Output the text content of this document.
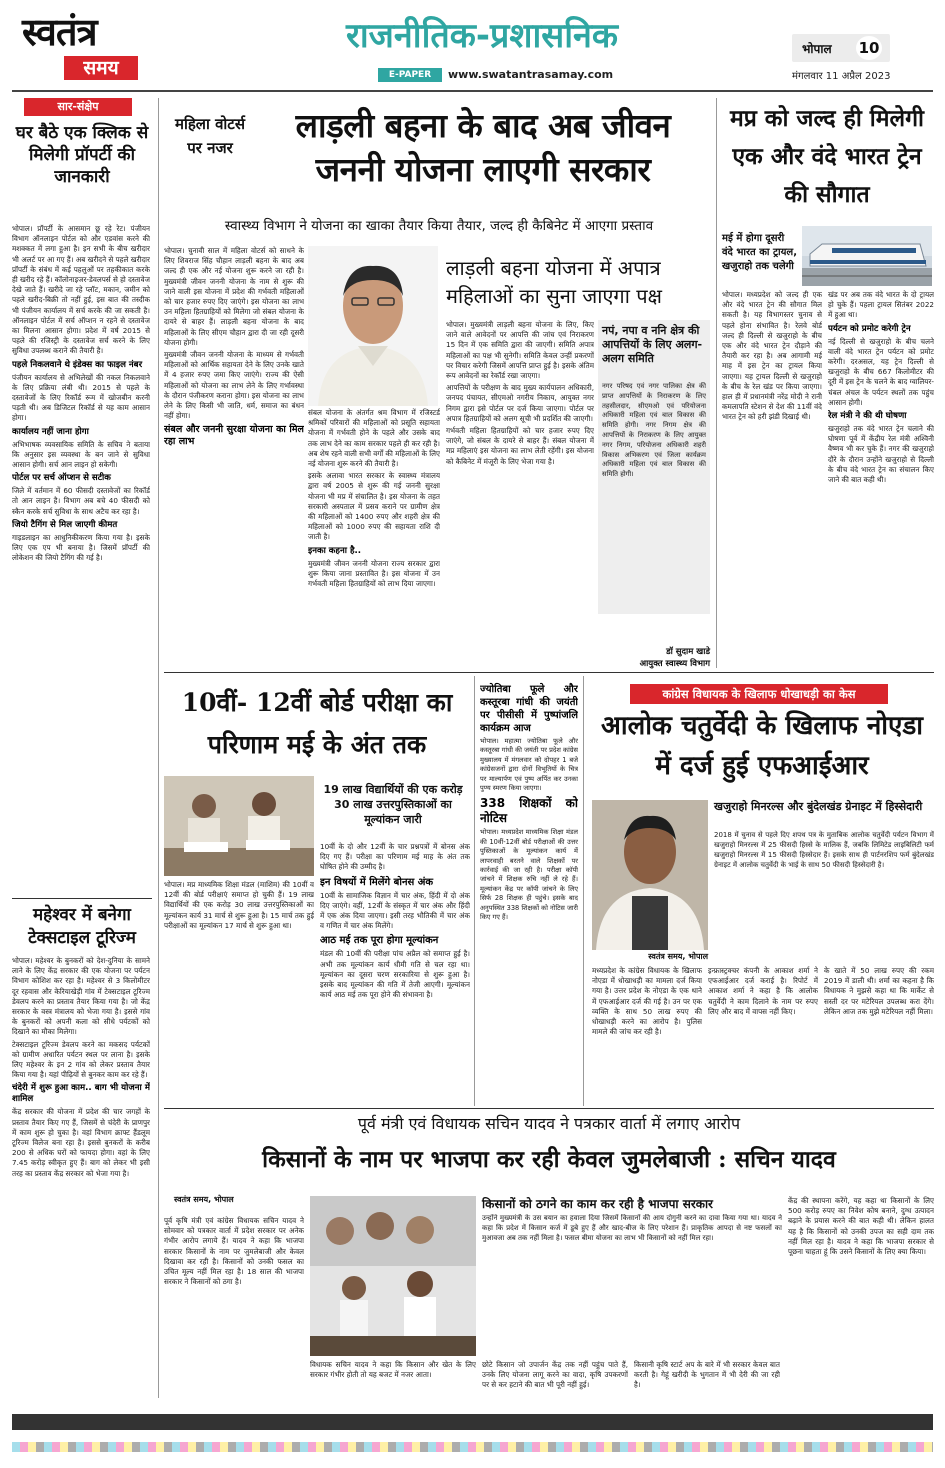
स्वतंत्र
समय
राजनीतिक-प्रशासनिक
E-PAPER	www.swatantrasamay.com
भोपाल 10
मंगलवार 11 अप्रैल 2023
सार-संक्षेप
घर बैठे एक क्लिक से मिलेगी प्रॉपर्टी की जानकारी

भोपाल। प्रॉपर्टी के आसमान छू रहे रेट। पंजीयन विभाग ऑनलाइन पोर्टल को और एडवांस करने की मशक्कत में लगा हुआ है। इन सभी के बीच खरीदार भी अलर्ट पर आ गए हैं। अब खरीदने से पहले खरीदार प्रॉपर्टी के संबंध में कई पहलुओं पर तहकीकात करके ही खरीद रहे हैं। कॉलोनाइजर-डेवलपर्स से हो दस्तावेज देखे जाते हैं। खरीदे जा रहे प्लॉट, मकान, जमीन को पहले खरीद-बिक्री तो नहीं हुई, इस बात की तस्दीक भी पंजीयन कार्यालय में सर्च करके की जा सकती है। ऑनलाइन पोर्टल में सर्च ऑप्शन न रहने से दस्तावेज का मिलना आसान होगा। प्रदेश में वर्ष 2015 से पहले की रजिस्ट्री के दस्तावेज सर्च करने के लिए सुविधा उपलब्ध कराने की तैयारी है।

पहले निकलवाने थे इंडेक्स का फाइल नंबर

पंजीयन कार्यालय से अभिलेखों की नकल निकलवाने के लिए प्रक्रिया लंबी थी। 2015 से पहले के दस्तावेजों के लिए रिकॉर्ड रूम में खोजबीन करनी पड़ती थी। अब डिजिटल रिकॉर्ड से यह काम आसान होगा।

कार्यालय नहीं जाना होगा

अभिभाषक व्यवसायिक समिति के सचिव ने बताया कि अनुसार इस व्यवस्था के बन जाने से सुविधा आसान होगी। सर्च आन लाइन हो सकेगी।

पोर्टल पर सर्च ऑप्शन से सटीक

जिले में वर्तमान में 60 फीसदी दस्तावेजों का रिकॉर्ड तो आन लाइन है। विभाग अब बचे 40 फीसदी को स्कैन करके सर्च सुविधा के साथ अटैच कर रहा है।

जियो टैगिंग से मिल जाएगी कीमत

गाइडलाइन का आधुनिकीकरण किया गया है। इसके लिए एक एप भी बनाया है। जिसमें प्रॉपर्टी की लोकेशन की जियो टैगिंग की गई है।

महेश्वर में बनेगा टेक्सटाइल टूरिज्म

भोपाल। महेश्वर के बुनकरों को देश-दुनिया के सामने लाने के लिए केंद्र सरकार की एक योजना पर पर्यटन विभाग कोशिश कर रहा है। महेश्वर से 3 किलोमीटर दूर रहवास और केरियाखेड़ी गांव में टेक्सटाइल टूरिज्म डेवलप करने का प्रस्ताव तैयार किया गया है। जो केंद्र सरकार के वस्त्र मंत्रालय को भेजा गया है। इससे गांव के बुनकरों को अपनी कला को सीधे पर्यटकों को दिखाने का मौका मिलेगा।

टेक्सटाइल टूरिज्म डेवलप करने का मकसद पर्यटकों को ग्रामीण अधारित पर्यटन स्थल पर लाना है। इसके लिए महेश्वर के इन 2 गांव को लेकर प्रस्ताव तैयार किया गया है। यहां पीढ़ियों से बुनकर काम कर रहे हैं।

चंदेरी में शुरू हुआ काम.. बाग भी योजना में शामिल

केंद्र सरकार की योजना में प्रदेश की चार जगहों के प्रस्ताव तैयार किए गए हैं, जिसमें से चंदेरी के प्राणपुर में काम शुरू हो चुका है। वहां विभाग क्राफ्ट हैंडलूम टूरिज्म विलेज बना रहा है। इससे बुनकरों के करीब 200 से अधिक घरों को फायदा होगा। वहां के लिए 7.45 करोड़ स्वीकृत हुए हैं। बाग को लेकर भी इसी तरह का प्रस्ताव केंद्र सरकार को भेजा गया है।

महिला वोटर्स पर नजर
लाड़ली बहना के बाद अब जीवन जननी योजना लाएगी सरकार
स्वास्थ्य विभाग ने योजना का खाका तैयार किया तैयार, जल्द ही कैबिनेट में आएगा प्रस्ताव

भोपाल। चुनावी साल में महिला वोटर्स को साधने के लिए शिवराज सिंह चौहान लाड़ली बहना के बाद अब जल्द ही एक और नई योजना शुरू करने जा रही है। मुख्यमंत्री जीवन जननी योजना के नाम से शुरू की जाने वाली इस योजना में प्रदेश की गर्भवती महिलाओं को चार हजार रुपए दिए जाएंगे। इस योजना का लाभ उन महिला हितग्राहियों को मिलेगा जो संबल योजना के दायरे से बाहर हैं। लाड़ली बहना योजना के बाद महिलाओं के लिए सीएम चौहान द्वारा दी जा रही दूसरी योजना होगी।

मुख्यमंत्री जीवन जननी योजना के माध्यम से गर्भवती महिलाओं को आर्थिक सहायता देने के लिए उनके खाते में 4 हजार रुपए जमा किए जाएंगे। राज्य की ऐसी महिलाओं को योजना का लाभ लेने के लिए गर्भावस्था के दौरान पंजीकरण कराना होगा। इस योजना का लाभ लेने के लिए किसी भी जाति, धर्म, समाज का बंधन नहीं होगा।

संबल और जननी सुरक्षा योजना का मिल रहा लाभ

संबल योजना के अंतर्गत श्रम विभाग में रजिस्टर्ड श्रमिकों परिवारों की महिलाओं को प्रसूति सहायता योजना में गर्भवती होने के पहले और उसके बाद तक लाभ देने का काम सरकार पहले ही कर रही है। अब शेष रहने वाली सभी वर्गों की महिलाओं के लिए नई योजना शुरू करने की तैयारी है।

इसके अलावा भारत सरकार के स्वास्थ्य मंत्रालय द्वारा वर्ष 2005 से शुरू की गई जननी सुरक्षा योजना भी मप्र में संचालित है। इस योजना के तहत सरकारी अस्पताल में प्रसव कराने पर ग्रामीण क्षेत्र की महिलाओं को 1400 रुपए और शहरी क्षेत्र की महिलाओं को 1000 रुपए की सहायता राशि दी जाती है।

इनका कहना है..

मुख्यमंत्री जीवन जननी योजना राज्य सरकार द्वारा शुरू किया जाना प्रस्तावित है। इस योजना में उन गर्भवती महिला हितग्राहियों को लाभ दिया जाएगा।

लाड़ली बहना योजना में अपात्र महिलाओं का सुना जाएगा पक्ष

भोपाल। मुख्यमंत्री लाड़ली बहना योजना के लिए, किए जाने वाले आवेदनों पर आपत्ति की जांच एवं निराकरण 15 दिन में एक समिति द्वारा की जाएगी। समिति अपात्र महिलाओं का पक्ष भी सुनेगी। समिति केवल उन्हीं प्रकरणों पर विचार करेगी जिसमें आपत्ति प्राप्त हुई है। इसके अंतिम रूप आवेदनों का रेकॉर्ड रखा जाएगा।

आपत्तियों के परीक्षण के बाद मुख्य कार्यपालन अधिकारी, जनपद पंचायत, सीएमओ नगरीय निकाय, आयुक्त नगर निगम द्वारा इसे पोर्टल पर दर्ज किया जाएगा। पोर्टल पर अपात्र हितग्राहियों को अलग सूची भी प्रदर्शित की जाएगी।

गर्भवती महिला हितग्राहियों को चार हजार रुपए दिए जाएंगे, जो संबल के दायरे से बाहर हैं। संबल योजना में मप्र महिलाएं इस योजना का लाभ लेती रहेंगी। इस योजना को कैबिनेट में मंजूरी के लिए भेजा गया है।

नपं, नपा व ननि क्षेत्र की आपत्तियों के लिए अलग-अलग समिति
नगर परिषद एवं नगर पालिका क्षेत्र की प्राप्त आपत्तियों के निराकरण के लिए तहसीलदार, सीएमओ एवं परियोजना अधिकारी महिला एवं बाल विकास की समिति होगी। नगर निगम क्षेत्र की आपत्तियों के निराकरण के लिए आयुक्त नगर निगम, परियोजना अधिकारी शहरी विकास अभिकरण एवं जिला कार्यक्रम अधिकारी महिला एवं बाल विकास की समिति होगी।
डॉ सुदाम खाडे
आयुक्त स्वास्थ्य विभाग
मप्र को जल्द ही मिलेगी एक और वंदे भारत ट्रेन की सौगात
मई में होगा दूसरी वंदे भारत का ट्रायल, खजुराहो तक चलेगी

भोपाल। मध्यप्रदेश को जल्द ही एक और वंदे भारत ट्रेन की सौगात मिल सकती है। यह विभागस्तर चुनाव से पहले होना संभावित है। रेलवे बोर्ड जल्द ही दिल्ली से खजुराहो के बीच एक और वंदे भारत ट्रेन दौड़ाने की तैयारी कर रहा है। अब आगामी मई माह में इस ट्रेन का ट्रायल किया जाएगा। यह ट्रायल दिल्ली से खजुराहो के बीच के रेल खंड पर किया जाएगा। हाल ही में प्रधानमंत्री नरेंद्र मोदी ने रानी कमलापति स्टेशन से देश की 11वीं वंदे भारत ट्रेन को हरी झंडी दिखाई थी।

खंड पर अब तक वंदे भारत के दो ट्रायल हो चुके हैं। पहला ट्रायल सितंबर 2022 में हुआ था।

पर्यटन को प्रमोट करेगी ट्रेन

नई दिल्ली से खजुराहो के बीच चलने वाली वंदे भारत ट्रेन पर्यटन को प्रमोट करेगी। दरअसल, यह ट्रेन दिल्ली से खजुराहो के बीच 667 किलोमीटर की दूरी में इस ट्रेन के चलने के बाद ग्वालियर-चंबल अंचल के पर्यटन स्थलों तक पहुंच आसान होगी।

रेल मंत्री ने की थी घोषणा

खजुराहो तक वंदे भारत ट्रेन चलाने की घोषणा पूर्व में केंद्रीय रेल मंत्री अश्विनी वैष्णव भी कर चुके हैं। नगर की खजुराहो दौरे के दौरान उन्होंने खजुराहो से दिल्ली के बीच वंदे भारत ट्रेन का संचालन किए जाने की बात कही थी।

10वीं- 12वीं बोर्ड परीक्षा का परिणाम मई के अंत तक
19 लाख विद्यार्थियों की एक करोड़ 30 लाख उत्तरपुस्तिकाओं का मूल्यांकन जारी

10वीं के दो और 12वीं के चार प्रश्नपत्रों में बोनस अंक दिए गए हैं। परीक्षा का परिणाम मई माह के अंत तक घोषित होने की उम्मीद है।

इन विषयों में मिलेंगे बोनस अंक

10वीं के सामाजिक विज्ञान में चार अंक, हिंदी में दो अंक दिए जाएंगे। वहीं, 12वीं के संस्कृत में चार अंक और हिंदी में एक अंक दिया जाएगा। इसी तरह भौतिकी में चार अंक व गणित में चार अंक मिलेंगे।

आठ मई तक पूरा होगा मूल्यांकन

मंडल की 10वीं की परीक्षा पांच अप्रैल को समाप्त हुई है। अभी तक मूल्यांकन कार्य धीमी गति से चल रहा था। मूल्यांकन का दूसरा चरण सरकारिया से शुरू हुआ है। इसके बाद मूल्यांकन की गति में तेजी आएगी। मूल्यांकन कार्य आठ मई तक पूरा होने की संभावना है।

भोपाल। मप्र माध्यमिक शिक्षा मंडल (माशिम) की 10वीं व 12वीं की बोर्ड परीक्षाएं समाप्त हो चुकी हैं। 19 लाख विद्यार्थियों की एक करोड़ 30 लाख उत्तरपुस्तिकाओं का मूल्यांकन कार्य 31 मार्च से शुरू हुआ है। 15 मार्च तक हुई परीक्षाओं का मूल्यांकन 17 मार्च से शुरू हुआ था।

ज्योतिबा फूले और कस्तूरबा गांधी की जयंती पर पीसीसी में पुष्पांजलि कार्यक्रम आज

भोपाल। महात्मा ज्योतिबा फूले और कस्तूरबा गांधी की जयंती पर प्रदेश कांग्रेस मुख्यालय में मंगलवार को दोपहर 1 बजे कांग्रेसजनों द्वारा दोनों विभूतियों के चित्र पर माल्यार्पण एवं पुष्प अर्पित कर उनका पुण्य स्मरण किया जाएगा।

338 शिक्षकों को नोटिस

भोपाल। मध्यप्रदेश माध्यमिक शिक्षा मंडल की 10वीं-12वीं बोर्ड परीक्षाओं की उत्तर पुस्तिकाओं के मूल्यांकन कार्य में लापरवाही बरतने वाले शिक्षकों पर कार्रवाई की जा रही है। परीक्षा कॉपी जांचने में शिक्षक रुचि नहीं ले रहे हैं। मूल्यांकन केंद्र पर कॉपी जांचने के लिए सिर्फ 28 शिक्षक ही पहुंचे। इसके बाद अनुपस्थित 338 शिक्षकों को नोटिस जारी किए गए हैं।

कांग्रेस विधायक के खिलाफ धोखाधड़ी का केस
आलोक चतुर्वेदी के खिलाफ नोएडा में दर्ज हुई एफआईआर
स्वतंत्र समय, भोपाल
खजुराहो मिनरल्स और बुंदेलखंड ग्रेनाइट में हिस्सेदारी
2018 में चुनाव से पहले दिए शपथ पत्र के मुताबिक आलोक चतुर्वेदी पर्यटन विभाग में खजुराहो मिनरल्स में 25 फीसदी हिस्से के मालिक हैं, जबकि लिमिटेड लाइबिलिटी फर्म खजुराहो मिनरल्स में 15 फीसदी हिस्सेदार हैं। इसके साथ ही पार्टनरशिप फर्म बुंदेलखंड ग्रेनाइट में आलोक चतुर्वेदी के भाई के साथ 50 फीसदी हिस्सेदारी है।

मध्यप्रदेश के कांग्रेस विधायक के खिलाफ नोएडा में धोखाधड़ी का मामला दर्ज किया गया है। उत्तर प्रदेश के नोएडा के एक थाने में एफआईआर दर्ज की गई है। उन पर एक व्यक्ति के साथ 50 लाख रुपए की धोखाधड़ी करने का आरोप है। पुलिस मामले की जांच कर रही है।

इन्फ्रास्ट्रक्चर कंपनी के आकाश शर्मा ने एफआईआर दर्ज कराई है। रिपोर्ट में आकाश शर्मा ने कहा है कि आलोक चतुर्वेदी ने काम दिलाने के नाम पर रुपए लिए और बाद में वापस नहीं किए।

के खाते में 50 लाख रुपए की रकम 2019 में डाली थी। शर्मा का कहना है कि विधायक ने मुझसे कहा था कि मार्केट से सस्ती दर पर मटेरियल उपलब्ध करा देंगे। लेकिन आज तक मुझे मटेरियल नहीं मिला।

पूर्व मंत्री एवं विधायक सचिन यादव ने पत्रकार वार्ता में लगाए आरोप
किसानों के नाम पर भाजपा कर रही केवल जुमलेबाजी : सचिन यादव
स्वतंत्र समय, भोपाल

पूर्व कृषि मंत्री एवं कांग्रेस विधायक सचिन यादव ने सोमवार को पत्रकार वार्ता में प्रदेश सरकार पर अनेक गंभीर आरोप लगाये हैं। यादव ने कहा कि भाजपा सरकार किसानों के नाम पर जुमलेबाजी और केवल दिखावा कर रही है। किसानों को उनकी फसल का उचित मूल्य नहीं मिल रहा है। 18 साल की भाजपा सरकार ने किसानों को ठगा है।

विधायक सचिन यादव ने कहा कि किसान और खेत के लिए सरकार गंभीर होती तो यह बजट में नजर आता।
किसानों को ठगने का काम कर रही है भाजपा सरकार
उन्होंने मुख्यमंत्री के उस बयान का हवाला दिया जिसमें किसानों की आय दोगुनी करने का दावा किया गया था। यादव ने कहा कि प्रदेश में किसान कर्ज में डूबे हुए हैं और खाद-बीज के लिए परेशान हैं। प्राकृतिक आपदा से नष्ट फसलों का मुआवजा अब तक नहीं मिला है। फसल बीमा योजना का लाभ भी किसानों को नहीं मिल रहा।

छोटे किसान जो उपार्जन केंद्र तक नहीं पहुंच पाते हैं, उनके लिए योजना लागू करने का वादा, कृषि उपकरणों पर से कर हटाने की बात भी पूरी नहीं हुई।

किसानी कृषि स्टार्ट अप के बारे में भी सरकार केवल बात करती है। गेहूं खरीदी के भुगतान में भी देरी की जा रही है।

केंद्र की स्थापना करेंगे, यह कहा था किसानों के लिए 500 करोड़ रुपए का निवेश कोष बनाने, दुग्ध उत्पादन बढ़ाने के प्रयास करने की बात कही थी। लेकिन हालत यह है कि किसानों को उनकी उपज का सही दाम तक नहीं मिल रहा है। यादव ने कहा कि भाजपा सरकार से पूछना चाहता हूं कि उसने किसानों के लिए क्या किया।
